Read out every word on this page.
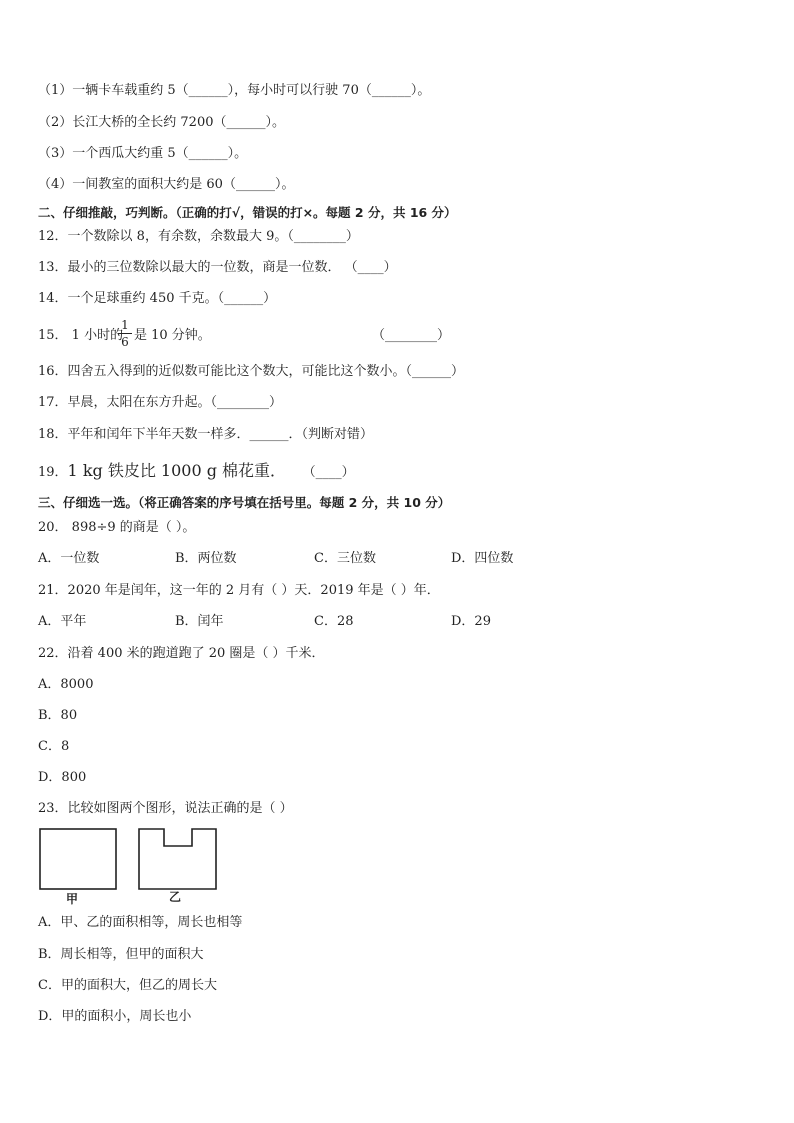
（1）一辆卡车载重约 5（______），每小时可以行驶 70（______）。
（2）长江大桥的全长约 7200（______）。
（3）一个西瓜大约重 5（______）。
（4）一间教室的面积大约是 60（______）。
二、仔细推敲，巧判断。（正确的打√，错误的打×。每题 2 分，共 16 分）
12．一个数除以 8，有余数，余数最大 9。（________）
13．最小的三位数除以最大的一位数，商是一位数． （____）
14．一个足球重约 450 千克。（______）
15． 1 小时的
1
6 是 10 分钟。	（________）
16．四舍五入得到的近似数可能比这个数大，可能比这个数小。（______）
17．早晨，太阳在东方升起。（________）
18．平年和闰年下半年天数一样多．______．（判断对错）
19．1 kg 铁皮比 1000 g 棉花重． （____）
三、仔细选一选。（将正确答案的序号填在括号里。每题 2 分，共 10 分）
20． 898÷9 的商是（ ）。
A．一位数	B．两位数	C．三位数	D．四位数
21．2020 年是闰年，这一年的 2 月有（ ）天．2019 年是（ ）年．
A．平年	B．闰年	C．28	D．29
22．沿着 400 米的跑道跑了 20 圈是（ ）千米．
A．8000
B．80
C．8
D．800
23．比较如图两个图形，说法正确的是（ ）
甲	乙
A．甲、乙的面积相等，周长也相等
B．周长相等，但甲的面积大
C．甲的面积大，但乙的周长大
D．甲的面积小，周长也小
